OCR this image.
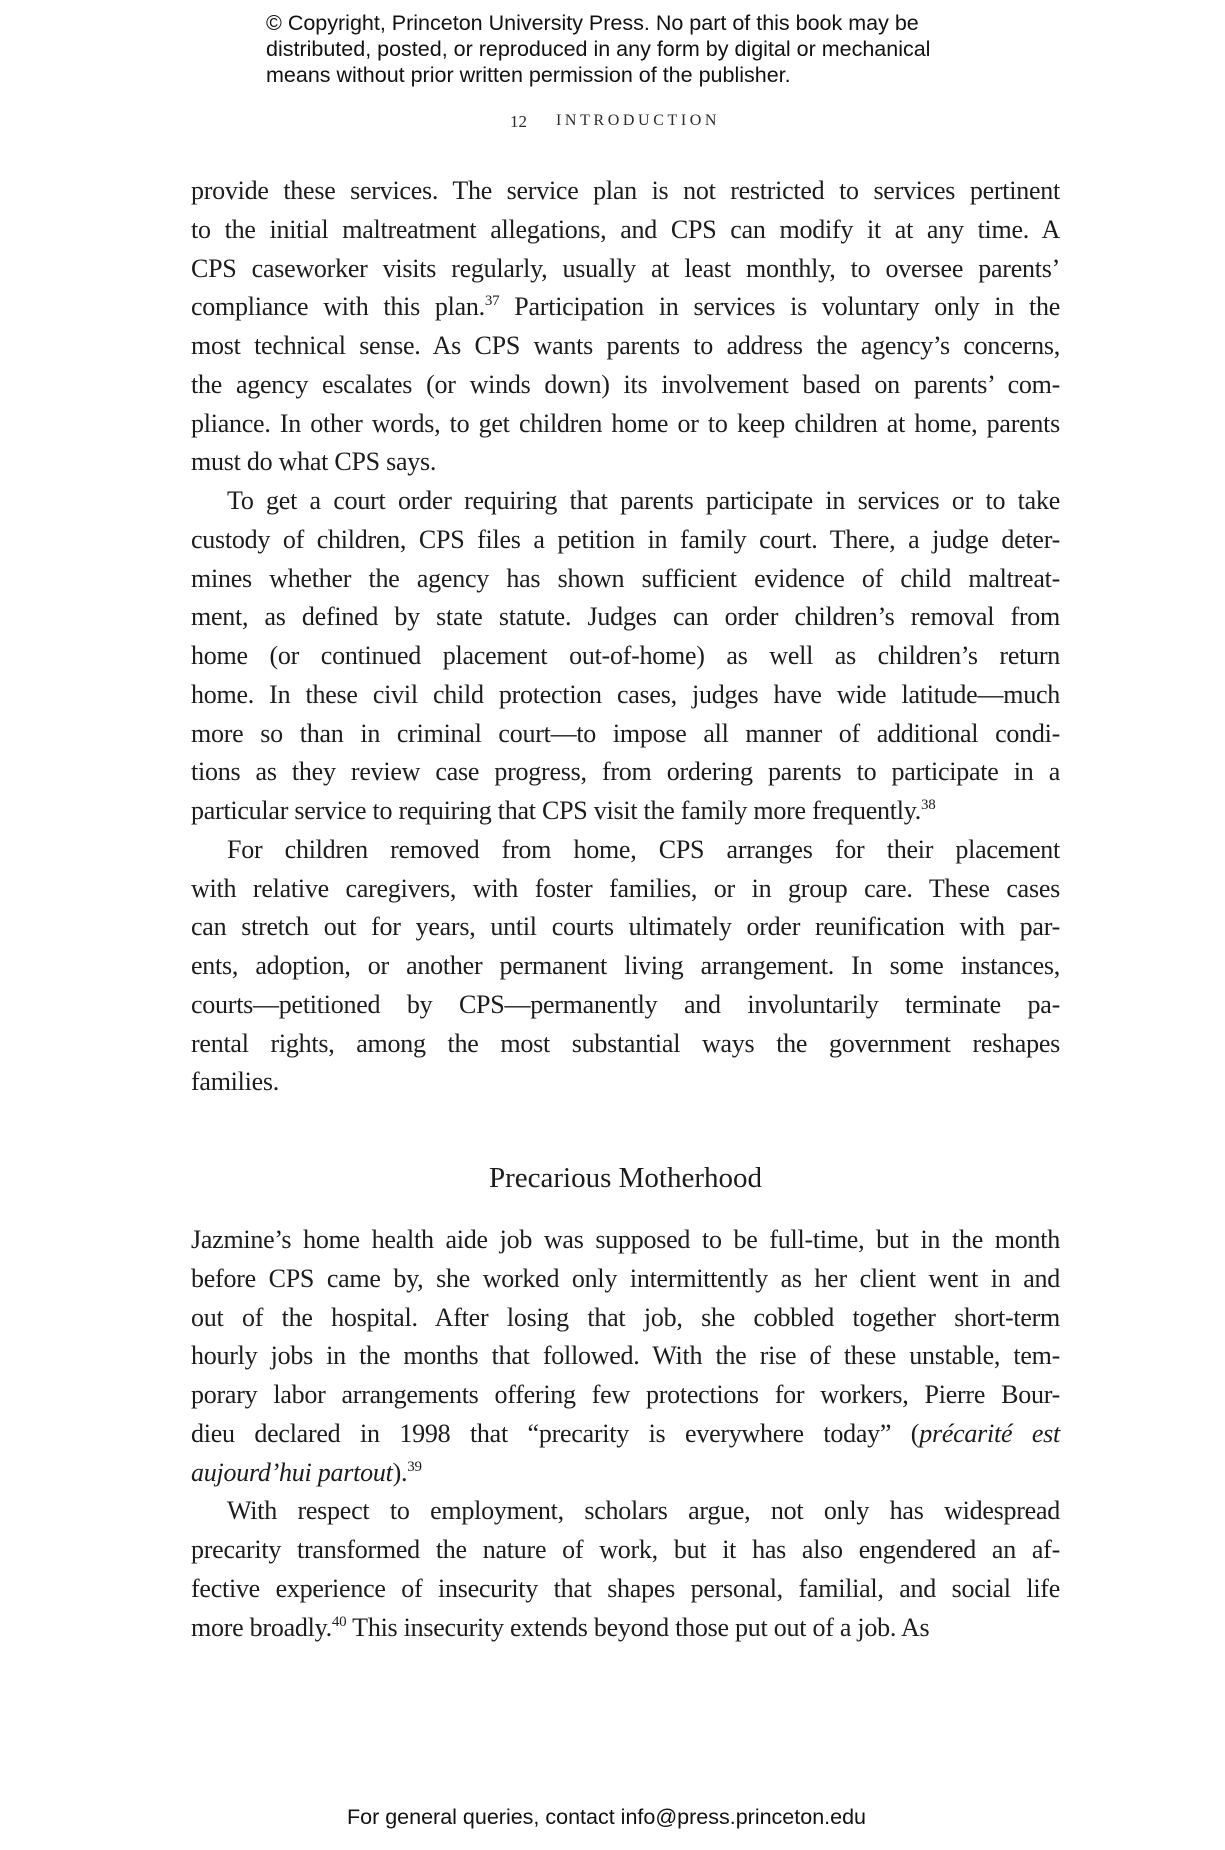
© Copyright, Princeton University Press. No part of this book may be
distributed, posted, or reproduced in any form by digital or mechanical
means without prior written permission of the publisher.
12 INTRODUCTION
provide these services. The service plan is not restricted to services pertinent
to the initial maltreatment allegations, and CPS can modify it at any time. A
CPS caseworker visits regularly, usually at least monthly, to oversee parents’
compliance with this plan.$^{37}$ Participation in services is voluntary only in the
most technical sense. As CPS wants parents to address the agency’s concerns,
the agency escalates (or winds down) its involvement based on parents’ com-
pliance. In other words, to get children home or to keep children at home, parents
must do what CPS says.
To get a court order requiring that parents participate in services or to take
custody of children, CPS files a petition in family court. There, a judge deter-
mines whether the agency has shown sufficient evidence of child maltreat-
ment, as defined by state statute. Judges can order children’s removal from
home (or continued placement out-of-home) as well as children’s return
home. In these civil child protection cases, judges have wide latitude—much
more so than in criminal court—to impose all manner of additional condi-
tions as they review case progress, from ordering parents to participate in a
particular service to requiring that CPS visit the family more frequently.$^{38}$
For children removed from home, CPS arranges for their placement
with relative caregivers, with foster families, or in group care. These cases
can stretch out for years, until courts ultimately order reunification with par-
ents, adoption, or another permanent living arrangement. In some instances,
courts—petitioned by CPS—permanently and involuntarily terminate pa-
rental rights, among the most substantial ways the government reshapes
families.
Precarious Motherhood
Jazmine’s home health aide job was supposed to be full-time, but in the month
before CPS came by, she worked only intermittently as her client went in and
out of the hospital. After losing that job, she cobbled together short-term
hourly jobs in the months that followed. With the rise of these unstable, tem-
porary labor arrangements offering few protections for workers, Pierre Bour-
dieu declared in 1998 that “precarity is everywhere today” (précarité est
aujourd’hui partout).$^{39}$
With respect to employment, scholars argue, not only has widespread
precarity transformed the nature of work, but it has also engendered an af-
fective experience of insecurity that shapes personal, familial, and social life
more broadly.$^{40}$ This insecurity extends beyond those put out of a job. As
For general queries, contact info@press.princeton.edu
